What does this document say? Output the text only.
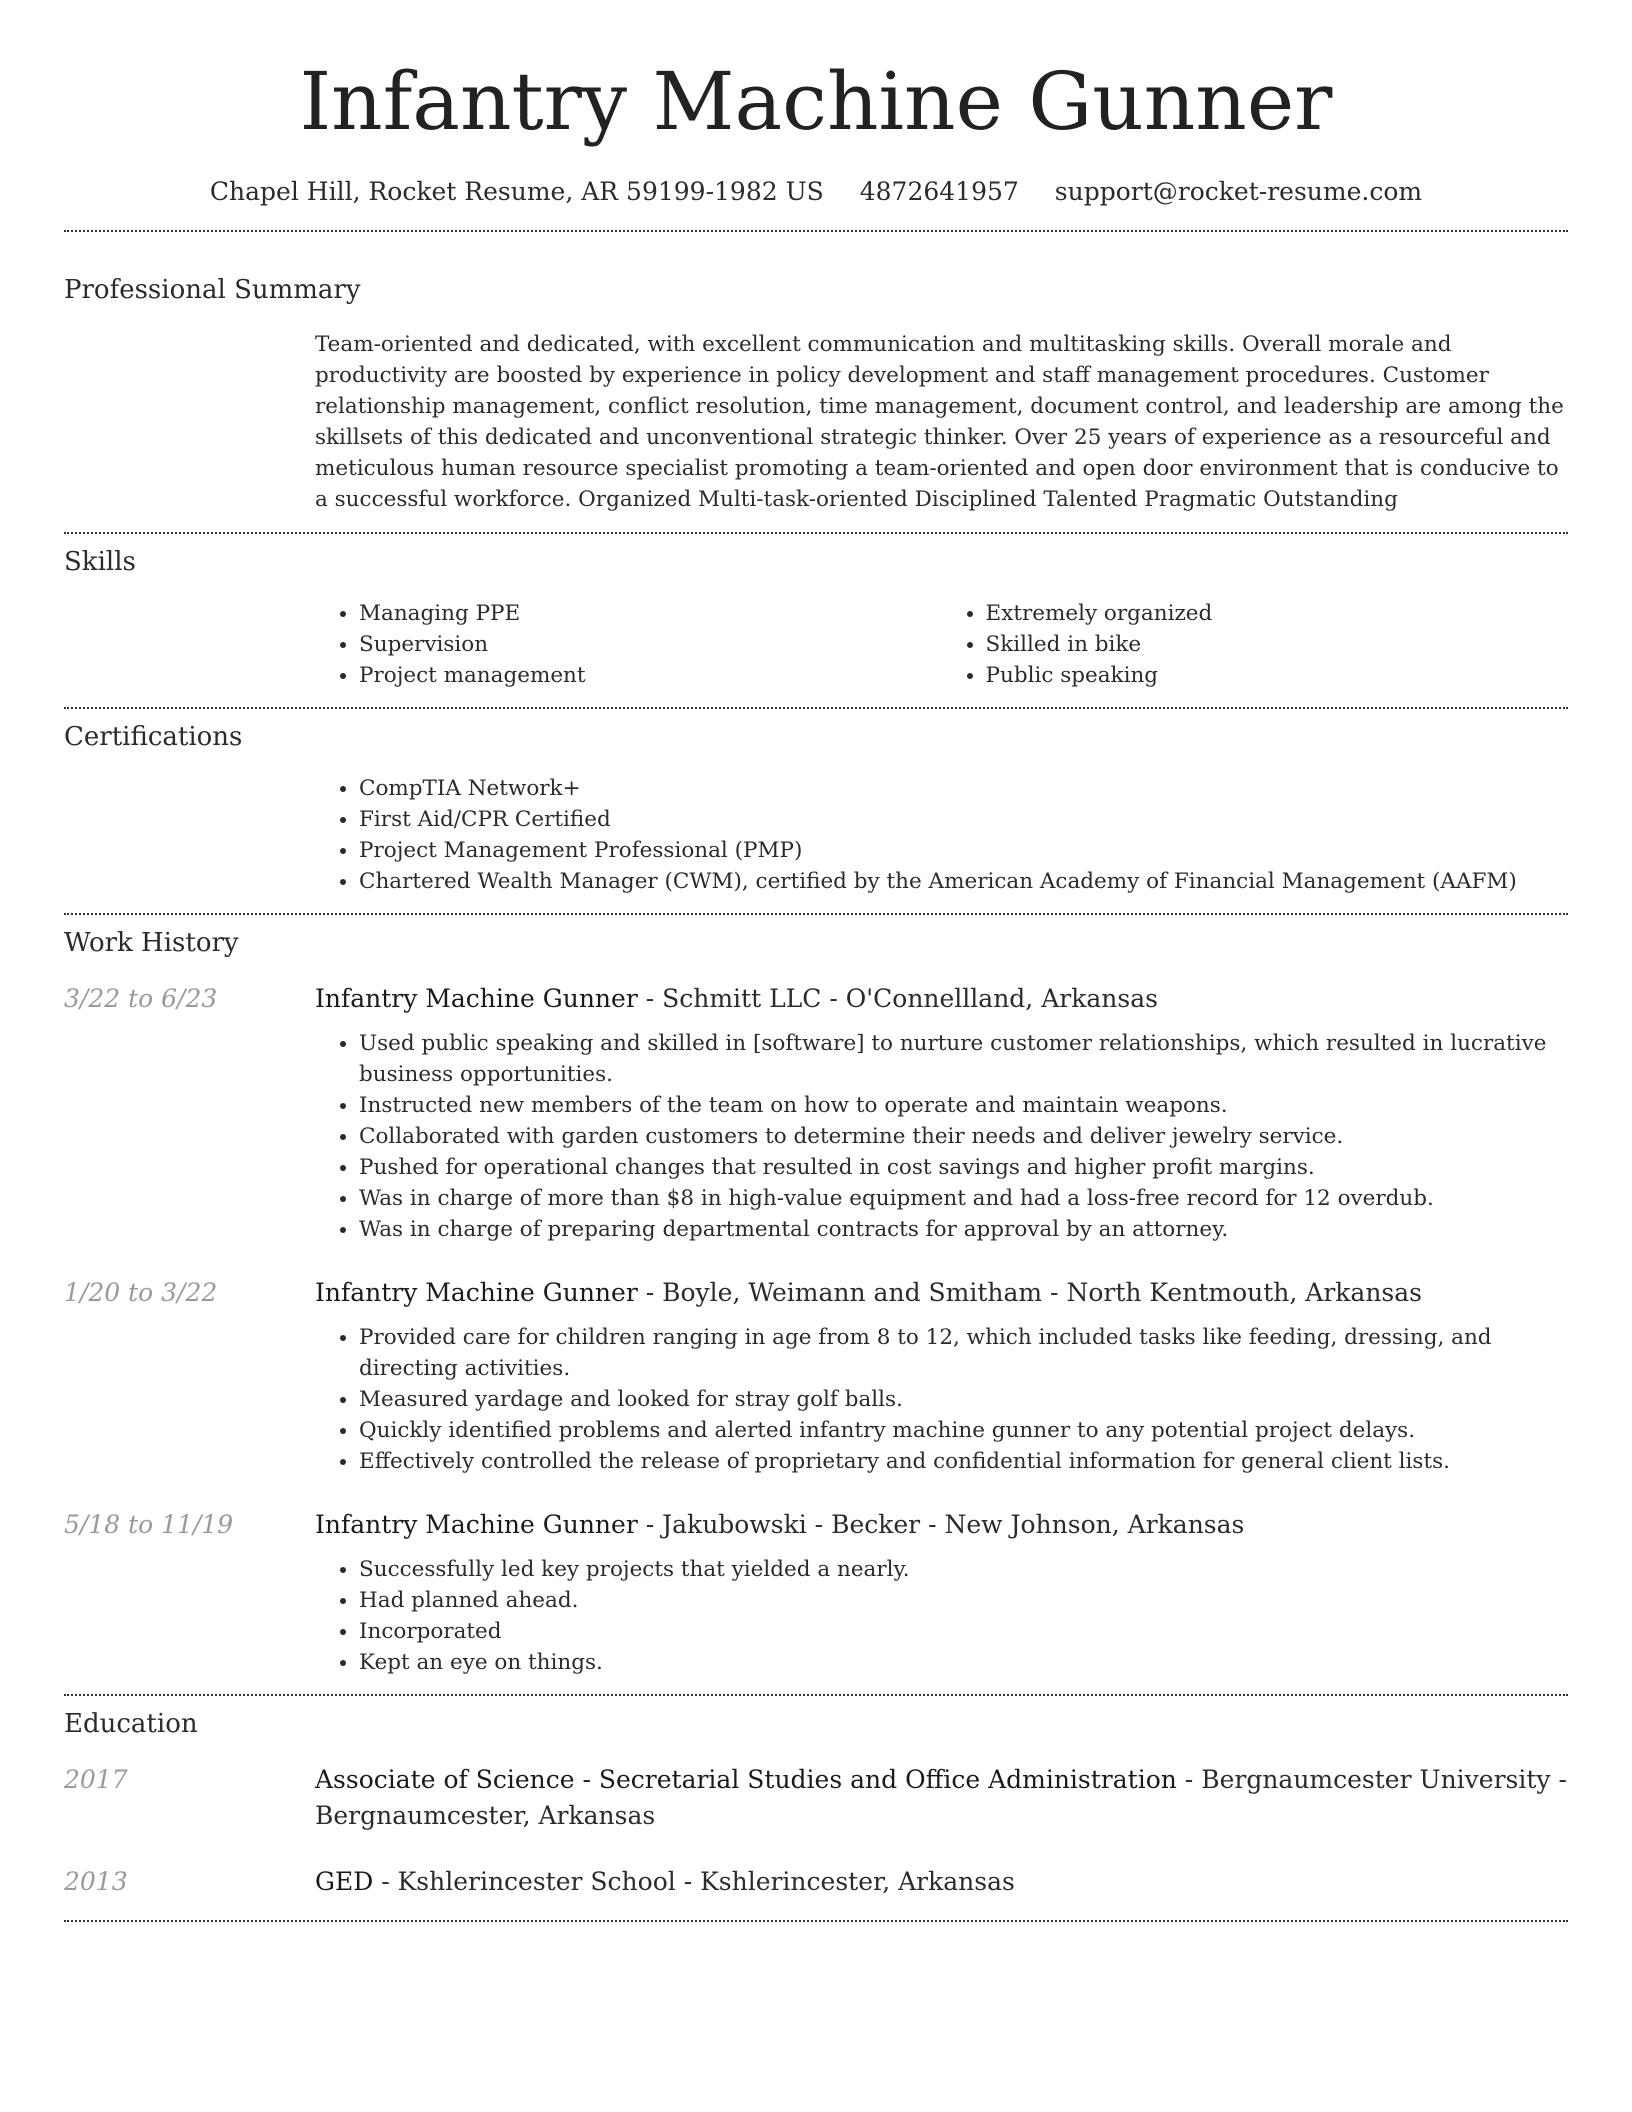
Infantry Machine Gunner
Chapel Hill, Rocket Resume, AR 59199-1982 US 4872641957 support@rocket-resume.com
Professional Summary

Team-oriented and dedicated, with excellent communication and multitasking skills. Overall morale and productivity are boosted by experience in policy development and staff management procedures. Customer relationship management, conflict resolution, time management, document control, and leadership are among the skillsets of this dedicated and unconventional strategic thinker. Over 25 years of experience as a resourceful and meticulous human resource specialist promoting a team-oriented and open door environment that is conducive to a successful workforce. Organized Multi-task-oriented Disciplined Talented Pragmatic Outstanding

Skills
• Managing PPE
• Supervision
• Project management
• Extremely organized
• Skilled in bike
• Public speaking
Certifications
• CompTIA Network+
• First Aid/CPR Certified
• Project Management Professional (PMP)
• Chartered Wealth Manager (CWM), certified by the American Academy of Financial Management (AAFM)
Work History
3/22 to 6/23	Infantry Machine Gunner - Schmitt LLC - O'Connellland, Arkansas
• Used public speaking and skilled in [software] to nurture customer relationships, which resulted in lucrative business opportunities.
• Instructed new members of the team on how to operate and maintain weapons.
• Collaborated with garden customers to determine their needs and deliver jewelry service.
• Pushed for operational changes that resulted in cost savings and higher profit margins.
• Was in charge of more than $8 in high-value equipment and had a loss-free record for 12 overdub.
• Was in charge of preparing departmental contracts for approval by an attorney.
1/20 to 3/22	Infantry Machine Gunner - Boyle, Weimann and Smitham - North Kentmouth, Arkansas
• Provided care for children ranging in age from 8 to 12, which included tasks like feeding, dressing, and directing activities.
• Measured yardage and looked for stray golf balls.
• Quickly identified problems and alerted infantry machine gunner to any potential project delays.
• Effectively controlled the release of proprietary and confidential information for general client lists.
5/18 to 11/19	Infantry Machine Gunner - Jakubowski - Becker - New Johnson, Arkansas
• Successfully led key projects that yielded a nearly.
• Had planned ahead.
• Incorporated
• Kept an eye on things.
Education
2017	Associate of Science - Secretarial Studies and Office Administration - Bergnaumcester University - Bergnaumcester, Arkansas
2013	GED - Kshlerincester School - Kshlerincester, Arkansas
